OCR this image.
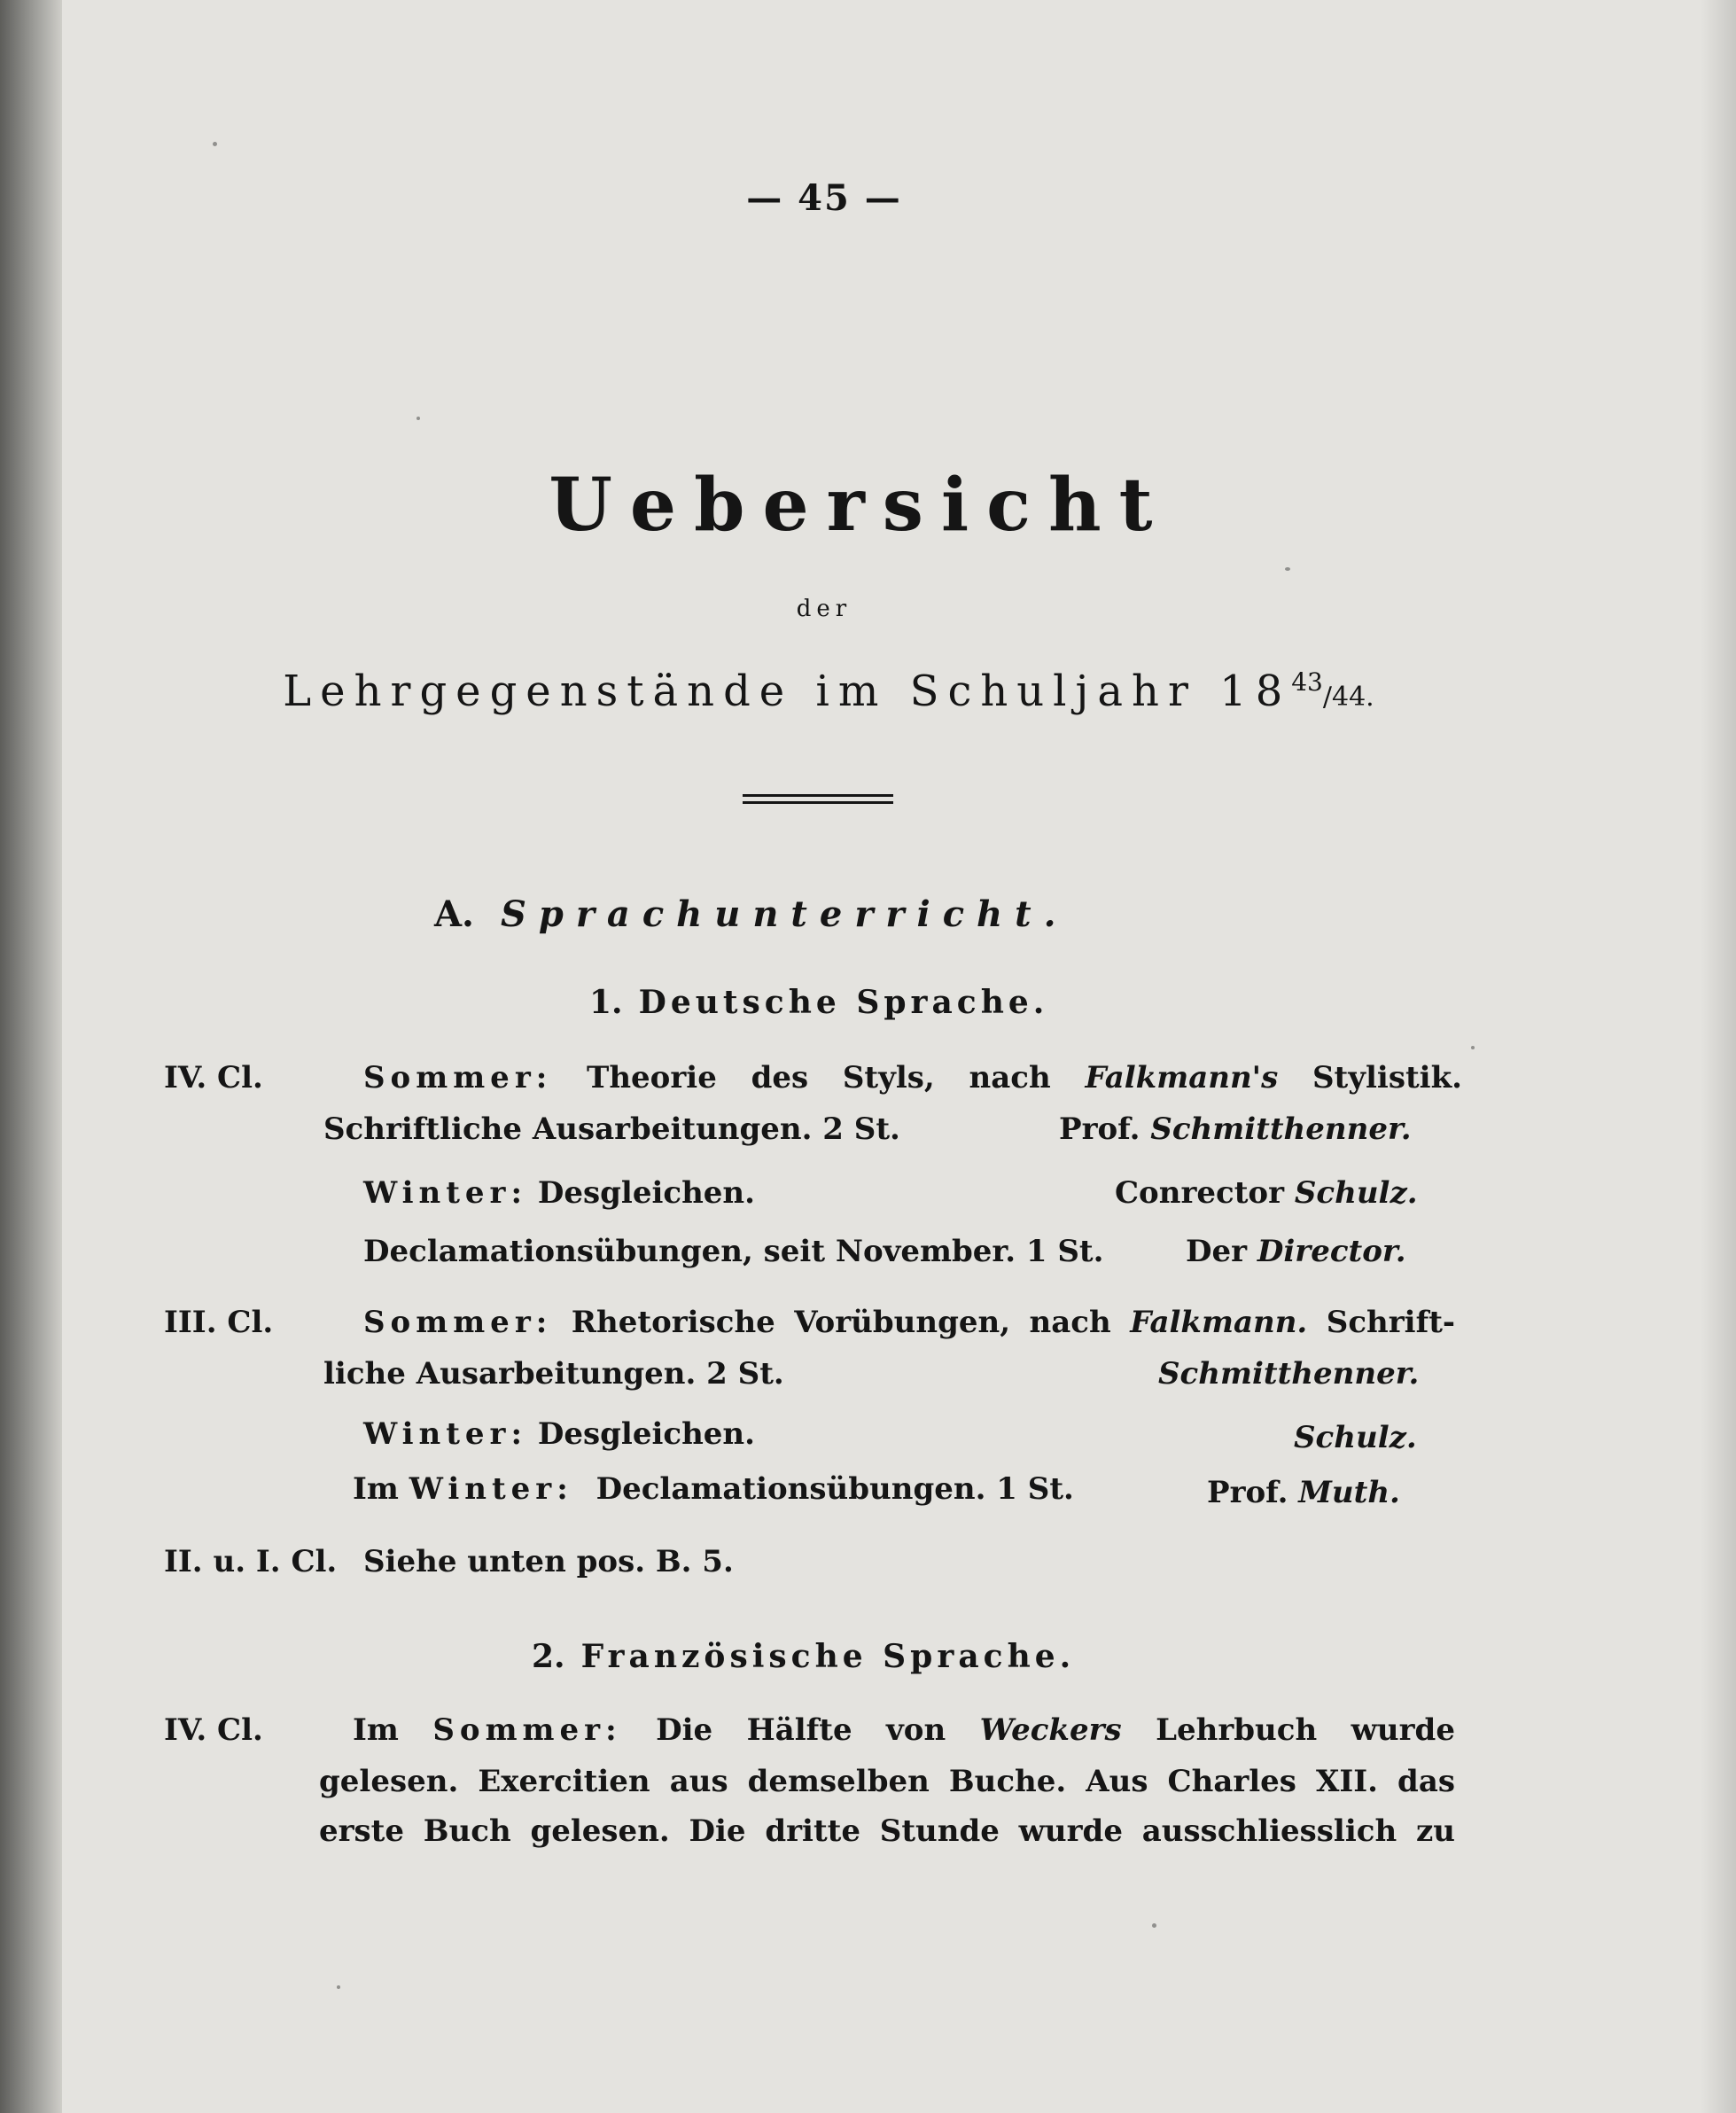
— 45 —
Uebersicht
der
Lehrgegenstände im Schuljahr $18^{43}/44$.
A. Sprachunterricht.
1. Deutsche Sprache.
IV. Cl.	Sommer: Theorie des Styls, nach Falkmann's Stylistik.
Schriftliche Ausarbeitungen. 2 St.	Prof. Schmitthenner.
Winter: Desgleichen.	Conrector Schulz.
Declamationsübungen, seit November. 1 St.	Der Director.
III. Cl.	Sommer: Rhetorische Vorübungen, nach Falkmann. Schrift-
liche Ausarbeitungen. 2 St.	Schmitthenner.
Winter: Desgleichen.	Schulz.
Im Winter: Declamationsübungen. 1 St.	Prof. Muth.
II. u. I. Cl. Siehe unten pos. B. 5.
2. Französische Sprache.
IV. Cl.	Im Sommer: Die Hälfte von Weckers Lehrbuch wurde
gelesen. Exercitien aus demselben Buche. Aus Charles XII. das
erste Buch gelesen. Die dritte Stunde wurde ausschliesslich zu
